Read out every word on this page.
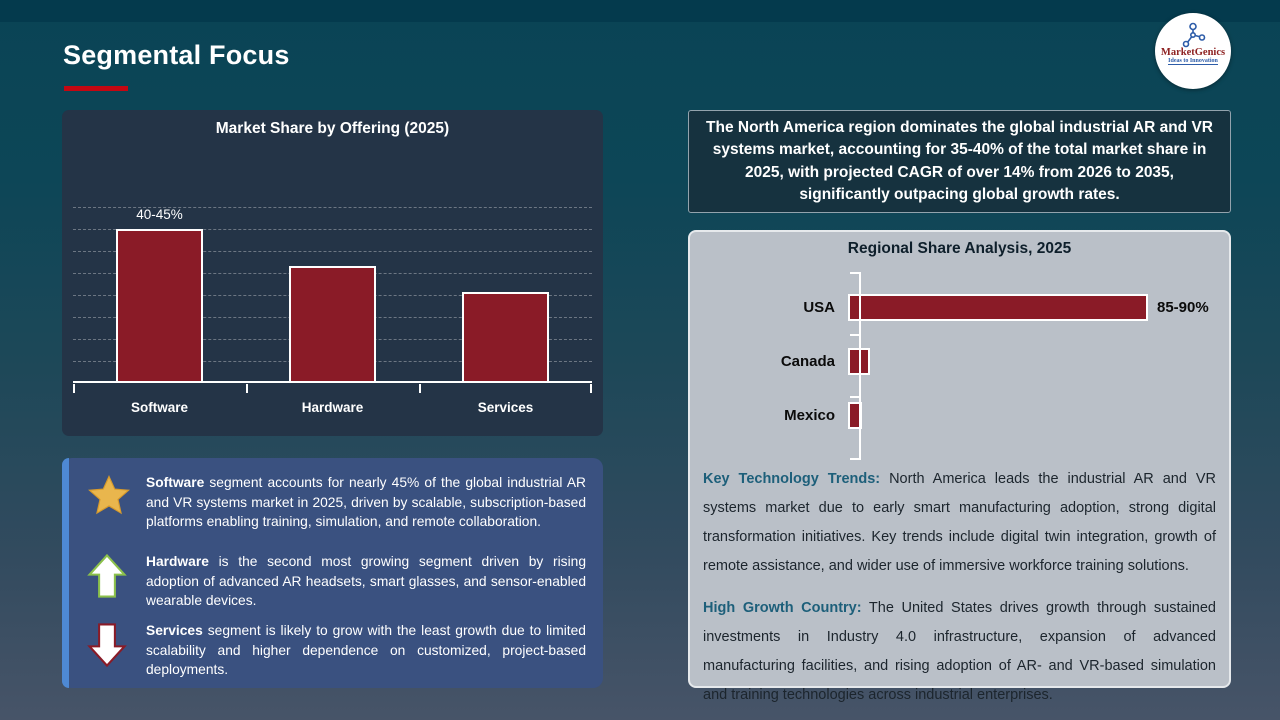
Segmental Focus	MarketGenics
Ideas to Innovation
Market Share by Offering (2025)
40-45%
Software	Hardware	Services
Software segment accounts for nearly 45% of the global industrial AR and VR systems market in 2025, driven by scalable, subscription-based platforms enabling training, simulation, and remote collaboration.
Hardware is the second most growing segment driven by rising adoption of advanced AR headsets, smart glasses, and sensor-enabled wearable devices.
Services segment is likely to grow with the least growth due to limited scalability and higher dependence on customized, project-based deployments.
The North America region dominates the global industrial AR and VR systems market, accounting for 35-40% of the total market share in 2025, with projected CAGR of over 14% from 2026 to 2035, significantly outpacing global growth rates.
Regional Share Analysis, 2025
USA	85-90%
Canada
Mexico

Key Technology Trends: North America leads the industrial AR and VR systems market due to early smart manufacturing adoption, strong digital transformation initiatives. Key trends include digital twin integration, growth of remote assistance, and wider use of immersive workforce training solutions.

High Growth Country: The United States drives growth through sustained investments in Industry 4.0 infrastructure, expansion of advanced manufacturing facilities, and rising adoption of AR- and VR-based simulation and training technologies across industrial enterprises.
